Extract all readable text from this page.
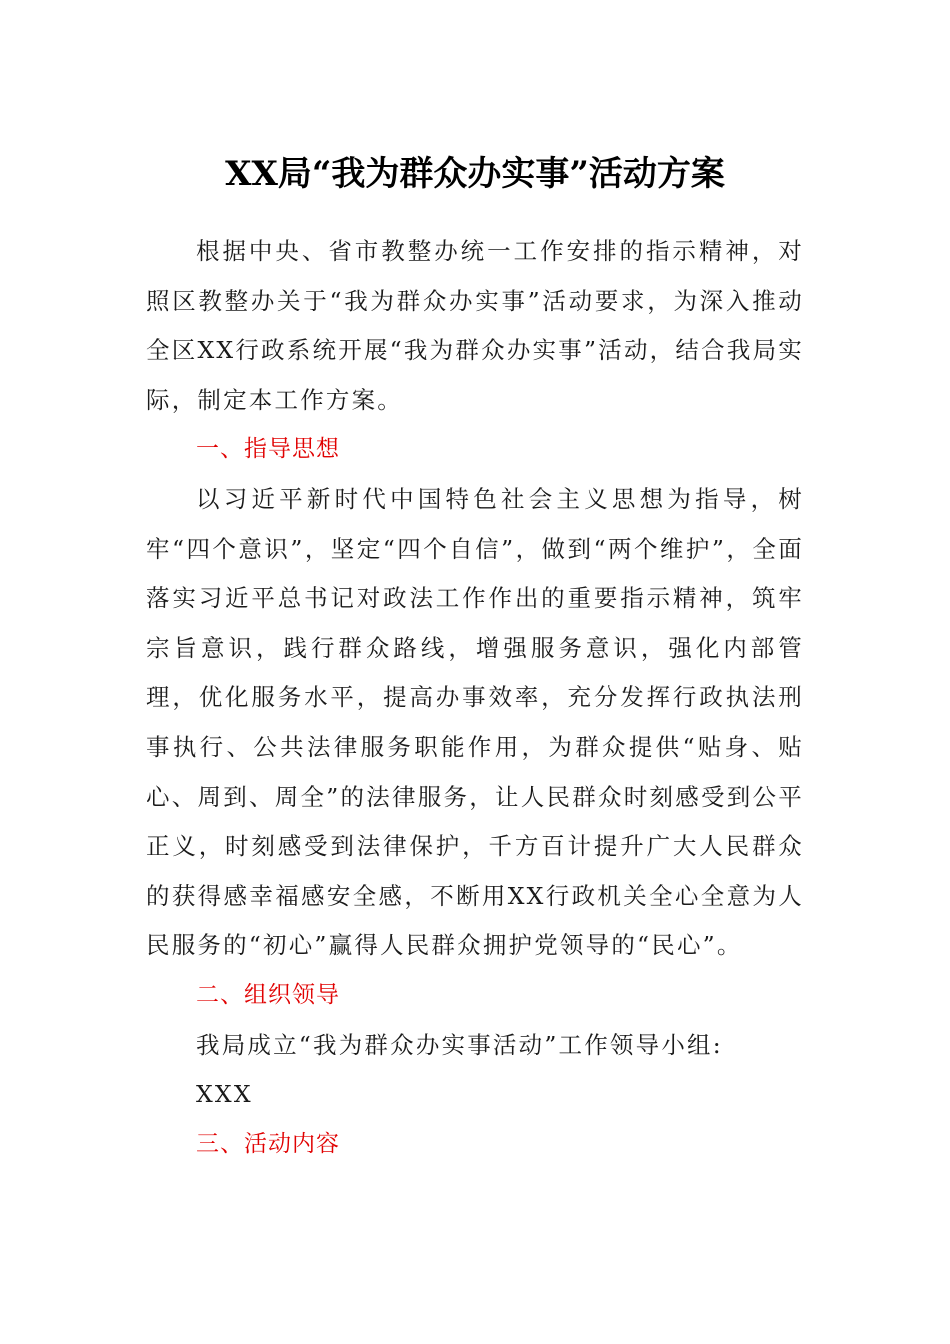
XX局“我为群众办实事”活动方案

根据中央、省市教整办统一工作安排的指示精神，对照区教整办关于“我为群众办实事”活动要求，为深入推动全区XX行政系统开展“我为群众办实事”活动，结合我局实际，制定本工作方案。

一、指导思想

以习近平新时代中国特色社会主义思想为指导，树牢“四个意识”，坚定“四个自信”，做到“两个维护”，全面落实习近平总书记对政法工作作出的重要指示精神，筑牢宗旨意识，践行群众路线，增强服务意识，强化内部管理，优化服务水平，提高办事效率，充分发挥行政执法刑事执行、公共法律服务职能作用，为群众提供“贴身、贴心、周到、周全”的法律服务，让人民群众时刻感受到公平正义，时刻感受到法律保护，千方百计提升广大人民群众的获得感幸福感安全感，不断用XX行政机关全心全意为人民服务的“初心”赢得人民群众拥护党领导的“民心”。

二、组织领导

我局成立“我为群众办实事活动”工作领导小组:

XXX

三、活动内容
